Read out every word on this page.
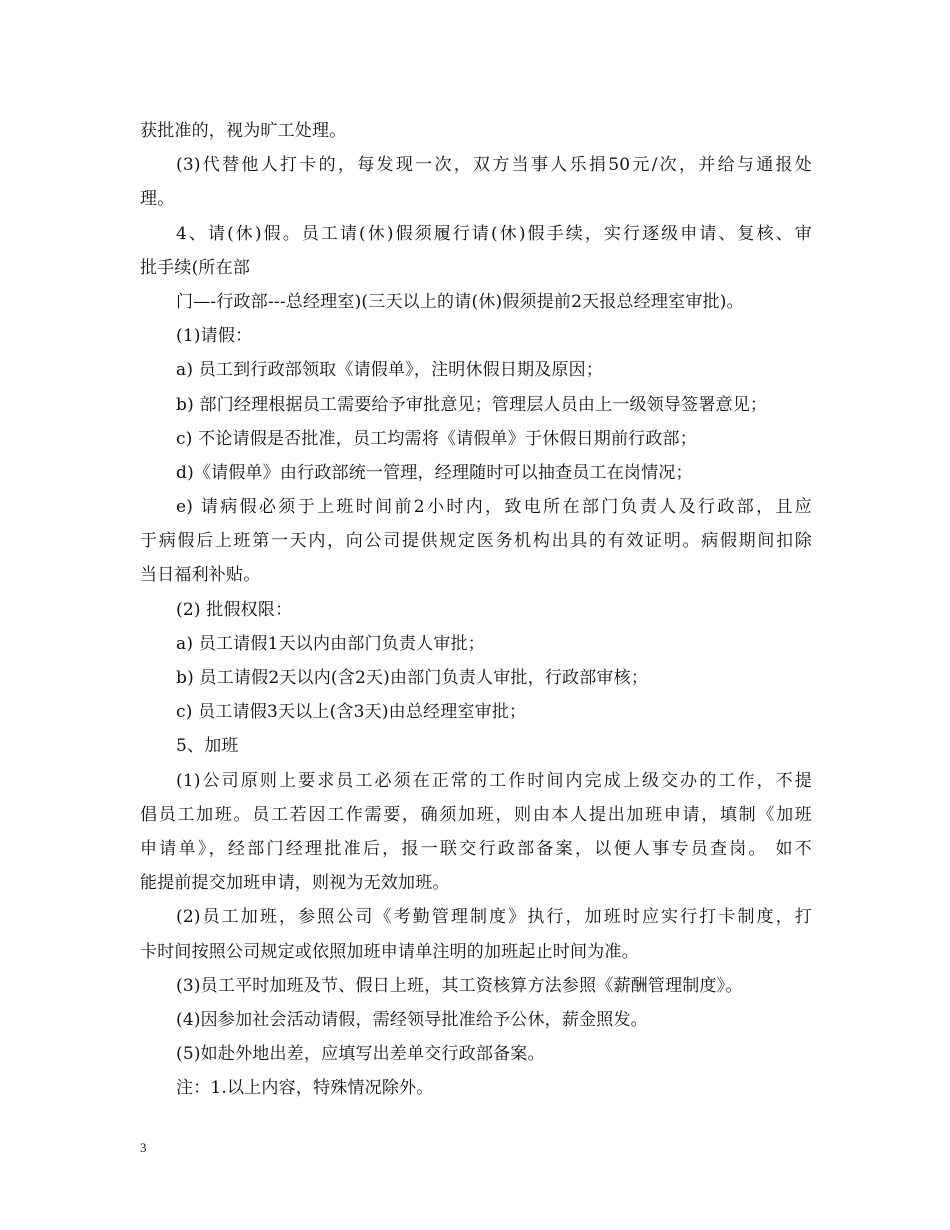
获批准的，视为旷工处理。
(3)代替他人打卡的，每发现一次，双方当事人乐捐50元/次，并给与通报处
理。
4、请(休)假。员工请(休)假须履行请(休)假手续，实行逐级申请、复核、审
批手续(所在部
门—-行政部---总经理室)(三天以上的请(休)假须提前2天报总经理室审批)。
(1)请假：
a) 员工到行政部领取《请假单》，注明休假日期及原因；
b) 部门经理根据员工需要给予审批意见；管理层人员由上一级领导签署意见；
c) 不论请假是否批准，员工均需将《请假单》于休假日期前行政部；
d)《请假单》由行政部统一管理，经理随时可以抽查员工在岗情况；
e) 请病假必须于上班时间前2小时内，致电所在部门负责人及行政部，且应
于病假后上班第一天内，向公司提供规定医务机构出具的有效证明。病假期间扣除
当日福利补贴。
(2) 批假权限：
a) 员工请假1天以内由部门负责人审批；
b) 员工请假2天以内(含2天)由部门负责人审批，行政部审核；
c) 员工请假3天以上(含3天)由总经理室审批；
5、加班
(1)公司原则上要求员工必须在正常的工作时间内完成上级交办的工作，不提
倡员工加班。员工若因工作需要，确须加班，则由本人提出加班申请，填制《加班
申请单》，经部门经理批准后，报一联交行政部备案，以便人事专员查岗。 如不
能提前提交加班申请，则视为无效加班。
(2)员工加班，参照公司《考勤管理制度》执行，加班时应实行打卡制度，打
卡时间按照公司规定或依照加班申请单注明的加班起止时间为准。
(3)员工平时加班及节、假日上班，其工资核算方法参照《薪酬管理制度》。
(4)因参加社会活动请假，需经领导批准给予公休，薪金照发。
(5)如赴外地出差，应填写出差单交行政部备案。
注：1.以上内容，特殊情况除外。
3
